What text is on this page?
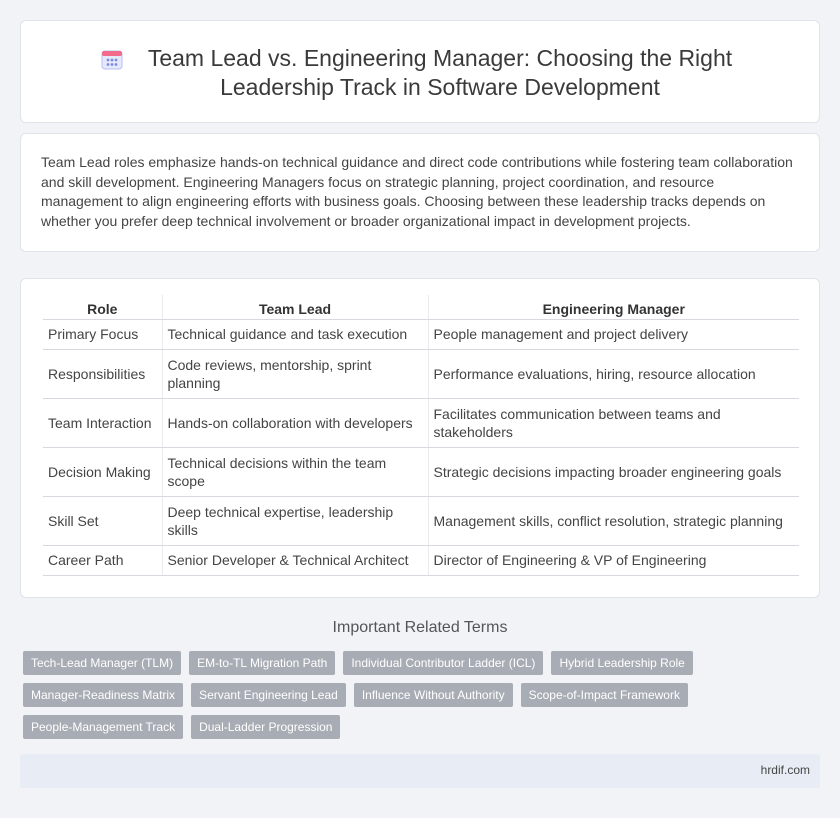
Team Lead vs. Engineering Manager: Choosing the Right Leadership Track in Software Development

Team Lead roles emphasize hands-on technical guidance and direct code contributions while fostering team collaboration and skill development. Engineering Managers focus on strategic planning, project coordination, and resource management to align engineering efforts with business goals. Choosing between these leadership tracks depends on whether you prefer deep technical involvement or broader organizational impact in development projects.

Role	Team Lead	Engineering Manager
Primary Focus	Technical guidance and task execution	People management and project delivery
Responsibilities	Code reviews, mentorship, sprint planning	Performance evaluations, hiring, resource allocation
Team Interaction	Hands-on collaboration with developers	Facilitates communication between teams and stakeholders
Decision Making	Technical decisions within the team scope	Strategic decisions impacting broader engineering goals
Skill Set	Deep technical expertise, leadership skills	Management skills, conflict resolution, strategic planning
Career Path	Senior Developer & Technical Architect	Director of Engineering & VP of Engineering
Important Related Terms
Tech-Lead Manager (TLM)	EM-to-TL Migration Path	Individual Contributor Ladder (ICL)	Hybrid Leadership Role
Manager-Readiness Matrix	Servant Engineering Lead	Influence Without Authority	Scope-of-Impact Framework
People-Management Track	Dual-Ladder Progression
hrdif.com
